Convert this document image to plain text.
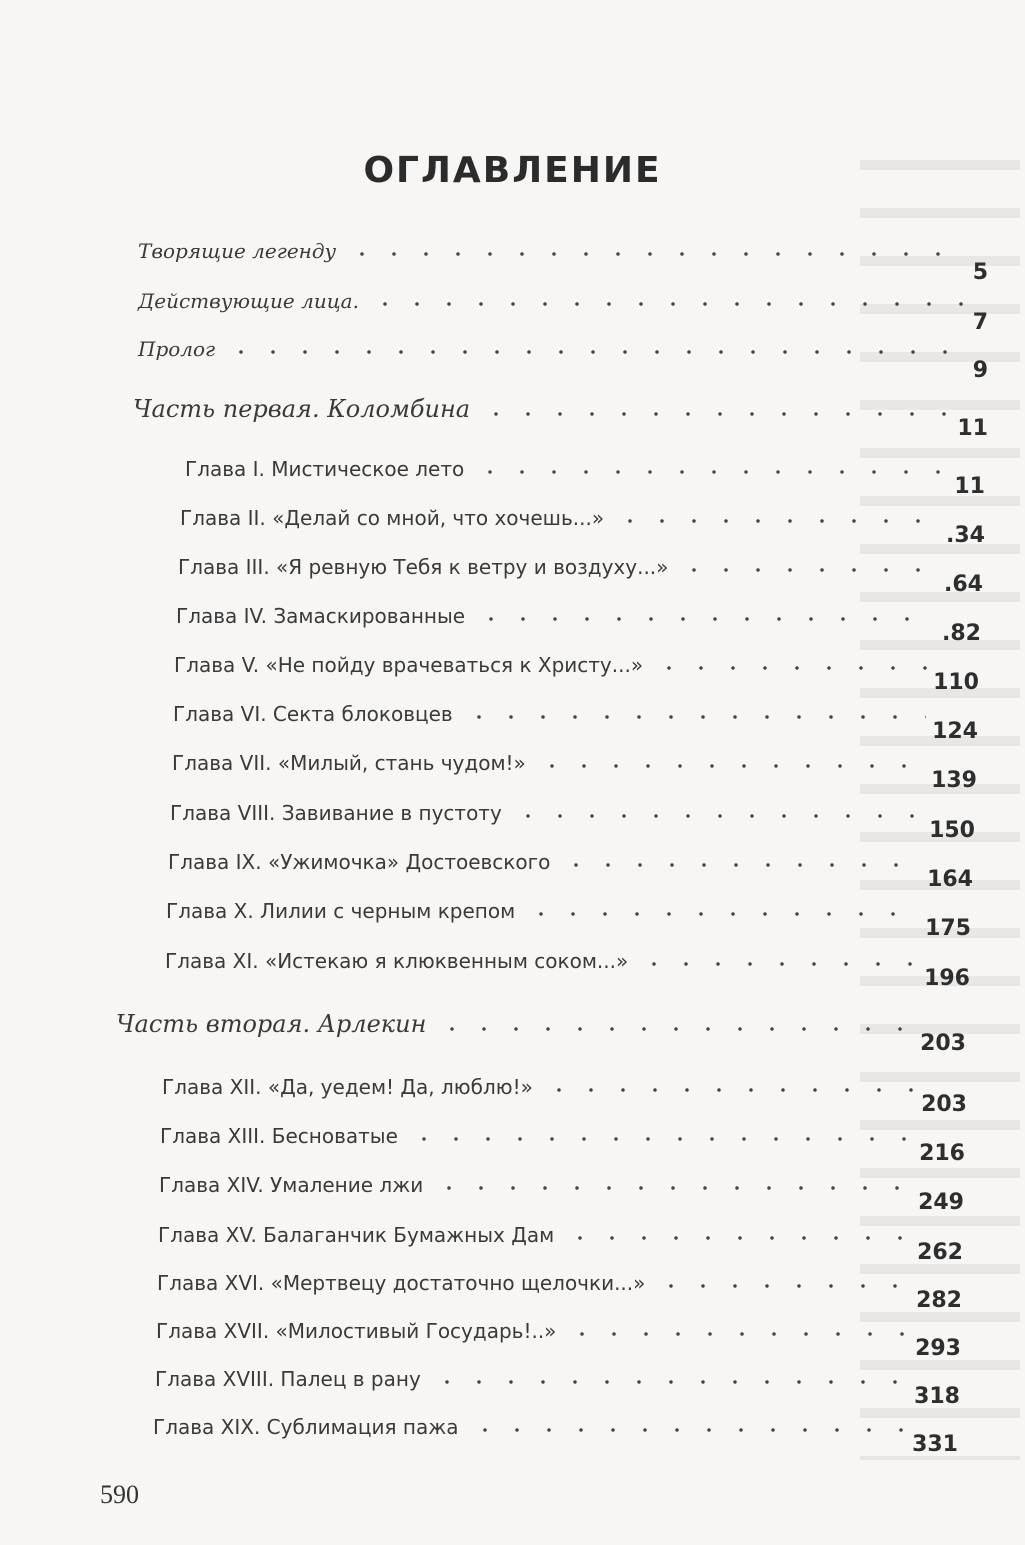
ОГЛАВЛЕНИЕ
Творящие легенду
5
Действующие лица.
7
Пролог
9
Часть первая. Коломбина
11
Глава I. Мистическое лето
11
Глава II. «Делай со мной, что хочешь...»
.34
Глава III. «Я ревную Тебя к ветру и воздуху...»
.64
Глава IV. Замаскированные
.82
Глава V. «Не пойду врачеваться к Христу...»
110
Глава VI. Секта блоковцев
124
Глава VII. «Милый, стань чудом!»
139
Глава VIII. Завивание в пустоту
150
Глава IX. «Ужимочка» Достоевского
164
Глава X. Лилии с черным крепом
175
Глава XI. «Истекаю я клюквенным соком...»
196
Часть вторая. Арлекин
203
Глава XII. «Да, уедем! Да, люблю!»
203
Глава XIII. Бесноватые
216
Глава XIV. Умаление лжи
249
Глава XV. Балаганчик Бумажных Дам
262
Глава XVI. «Мертвецу достаточно щелочки...»
282
Глава XVII. «Милостивый Государь!..»
293
Глава XVIII. Палец в рану
318
Глава XIX. Сублимация пажа
331
590
